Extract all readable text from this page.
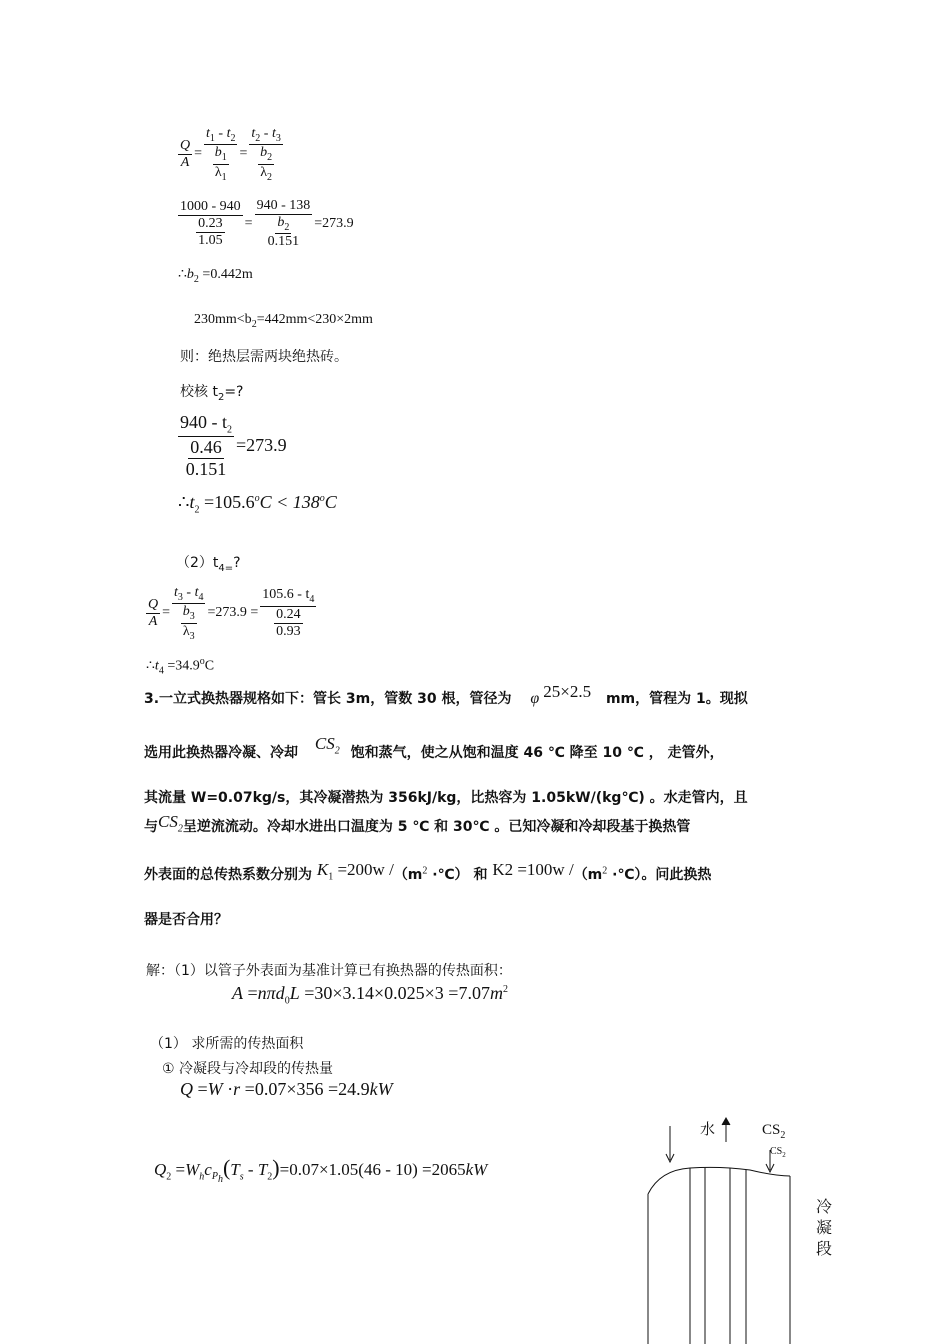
$\frac{Q}{A} = \frac{t_1 - t_2}{\frac{b_1}{\lambda_1}} = \frac{t_2 - t_3}{\frac{b_2}{\lambda_2}}$
$\frac{1000 - 940}{\frac{0.23}{1.05}} = \frac{940 - 138}{\frac{b_2}{0.151}} =273.9$
$\therefore b_2 =0.442m$
$230mm<b_2=442mm<230\times 2mm$
则：绝热层需两块绝热砖。
校核 $t_2=$?
$\frac{940 - t_2}{\frac{0.46}{0.151}} =273.9$
$\therefore t_2 =105.6^oC < 138^oC$
$(2)t_{4=}$?
$\frac{Q}{A} = \frac{t_3 - t_4}{\frac{b_3}{\lambda_3}} =273.9 = \frac{105.6 - t_4}{\frac{0.24}{0.93}}$
$\therefore t_4 =34.9^oC$
3.一立式换热器规格如下：管长 3m，管数 30 根，管径为 φ 25×2.5 mm，管程为 1。现拟
选用此换热器冷凝、冷却 $CS_2$ 饱和蒸气，使之从饱和温度 46 ℃ 降至 10 ℃ ， 走管外，
其流量 W=0.07kg/s，其冷凝潜热为 356kJ/kg，比热容为 1.05kW/(kg℃) 。水走管内，且
与$CS_2$呈逆流流动。冷却水进出口温度为 5 ℃ 和 30℃ 。已知冷凝和冷却段基于换热管
外表面的总传热系数分别为 $K_1 =200w$ $/(m^2$ ·℃） 和 K2 =100w $/(m^2$ ·℃）。问此换热
器是否合用？
解：（1）以管子外表面为基准计算已有换热器的传热面积：
$A =n\pi d_0L =30\times 3.14\times 0.025\times 3 =7.07m^2$
（1） 求所需的传热面积
① 冷凝段与冷却段的传热量
Q =W ·r =0.07×356 =24.9kW
$Q_2 =W_hc_{P_h}(T_s - T_2)=0.07\times 1.05(46 - 10) =2065kW$
水	$CS_2$
$CS_2$
冷
凝
段
